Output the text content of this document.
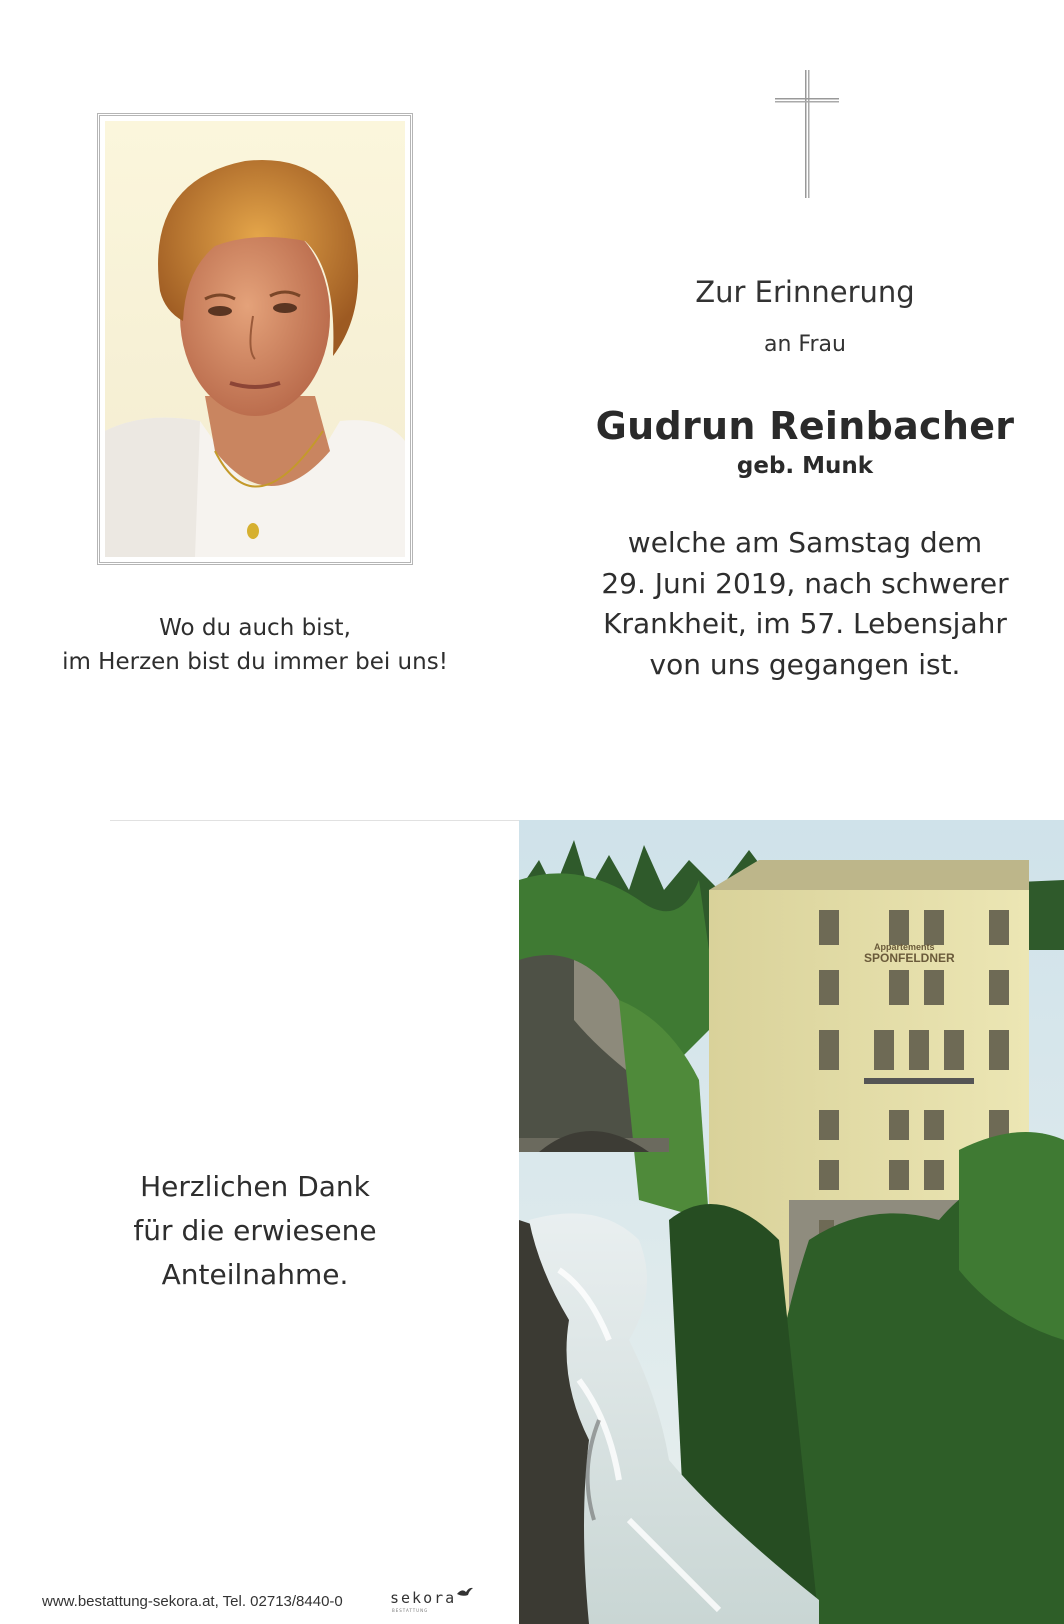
Zur Erinnerung
an Frau
Gudrun Reinbacher
geb. Munk
welche am Samstag dem
29. Juni 2019, nach schwerer
Krankheit, im 57. Lebensjahr
von uns gegangen ist.
Wo du auch bist,
im Herzen bist du immer bei uns!
Herzlichen Dank
für die erwiesene
Anteilnahme.
www.bestattung-sekora.at, Tel. 02713/8440-0	sekora
BESTATTUNG
Appartements
SPONFELDNER
